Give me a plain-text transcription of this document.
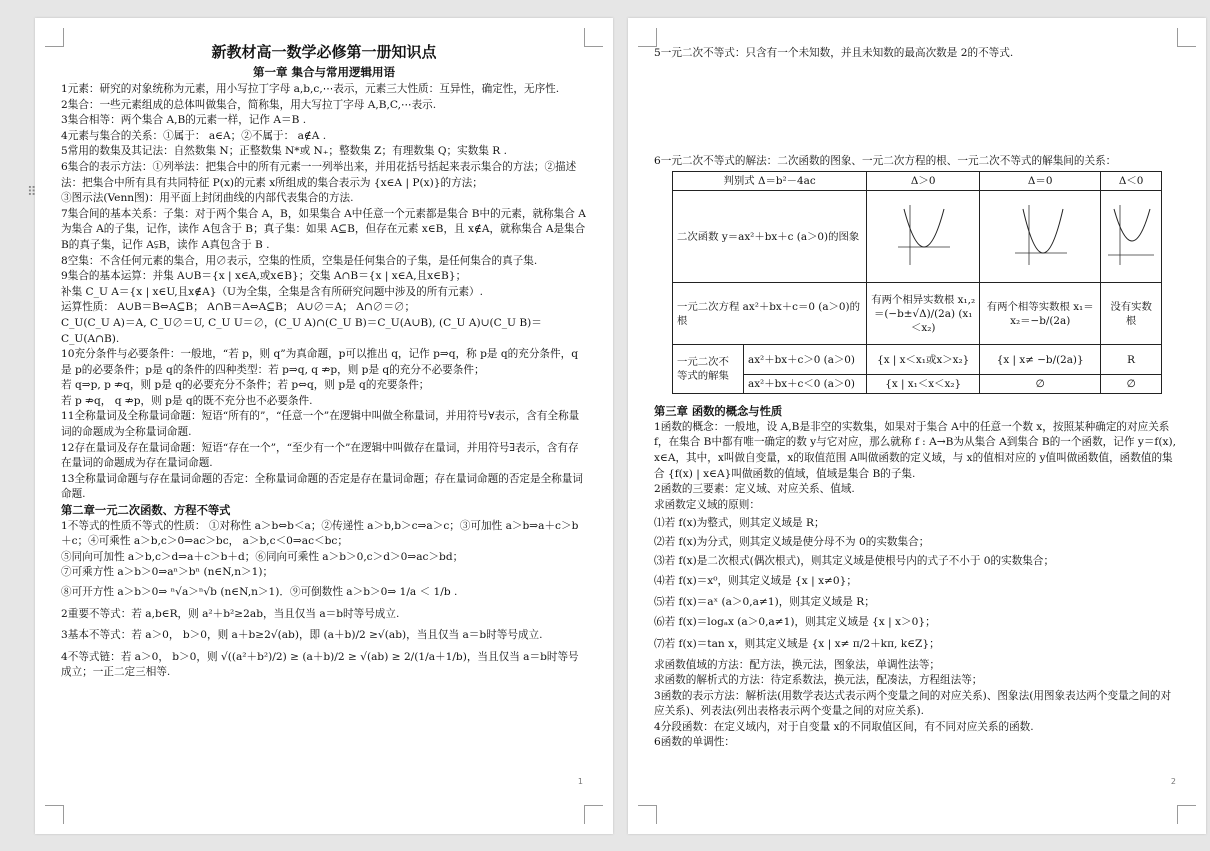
新教材高一数学必修第一册知识点

第一章 集合与常用逻辑用语

1元素：研究的对象统称为元素，用小写拉丁字母 a,b,c,⋯表示，元素三大性质：互异性，确定性，无序性.

2集合：一些元素组成的总体叫做集合，简称集，用大写拉丁字母 A,B,C,⋯表示.

3集合相等：两个集合 A,B的元素一样，记作 A＝B .

4元素与集合的关系：①属于： a∈A；②不属于： a∉A .

5常用的数集及其记法：自然数集 N；正整数集 N*或 N₊；整数集 Z；有理数集 Q；实数集 R .

6集合的表示方法：①列举法：把集合中的所有元素一一列举出来，并用花括号括起来表示集合的方法；②描述法：把集合中所有具有共同特征 P(x)的元素 x所组成的集合表示为 {x∈A | P(x)}的方法；

③图示法(Venn图)：用平面上封闭曲线的内部代表集合的方法.

7集合间的基本关系：子集：对于两个集合 A，B，如果集合 A中任意一个元素都是集合 B中的元素，就称集合 A为集合 A的子集，记作，读作 A包含于 B；真子集：如果 A⊆B，但存在元素 x∈B，且 x∉A，就称集合 A是集合 B的真子集，记作 A⫋B，读作 A真包含于 B .

8空集：不含任何元素的集合，用∅表示，空集的性质，空集是任何集合的子集，是任何集合的真子集.

9集合的基本运算：并集 A∪B＝{x | x∈A,或x∈B}；交集 A∩B＝{x | x∈A,且x∈B}；

补集 C_U A＝{x | x∈U,且x∉A}（U为全集，全集是含有所研究问题中涉及的所有元素）.

运算性质： A∪B＝B⇔A⊆B； A∩B＝A⇔A⊆B； A∪∅＝A； A∩∅＝∅；

C_U(C_U A)＝A, C_U∅＝U, C_U U＝∅，(C_U A)∩(C_U B)＝C_U(A∪B), (C_U A)∪(C_U B)＝C_U(A∩B).

10充分条件与必要条件：一般地，“若 p，则 q”为真命题，p可以推出 q，记作 p⇒q，称 p是 q的充分条件，q是 p的必要条件；p是 q的条件的四种类型：若 p⇒q, q ⇏p，则 p是 q的充分不必要条件；

若 q⇒p, p ⇏q，则 p是 q的必要充分不条件；若 p⇔q，则 p是 q的充要条件；

若 p ⇏q， q ⇏p，则 p是 q的既不充分也不必要条件.

11全称量词及全称量词命题：短语“所有的”，“任意一个”在逻辑中叫做全称量词，并用符号∀表示，含有全称量词的命题成为全称量词命题.

12存在量词及存在量词命题：短语“存在一个”，“至少有一个”在逻辑中叫做存在量词，并用符号∃表示，含有存在量词的命题成为存在量词命题.

13全称量词命题与存在量词命题的否定：全称量词命题的否定是存在量词命题；存在量词命题的否定是全称量词命题.

第二章一元二次函数、方程不等式

1不等式的性质不等式的性质： ①对称性 a＞b⇔b＜a；②传递性 a＞b,b＞c⇒a＞c；③可加性 a＞b⇒a＋c＞b＋c；④可乘性 a＞b,c＞0⇒ac＞bc， a＞b,c＜0⇒ac＜bc；

⑤同向可加性 a＞b,c＞d⇒a＋c＞b＋d；⑥同向可乘性 a＞b＞0,c＞d＞0⇒ac＞bd；

⑦可乘方性 a＞b＞0⇒aⁿ＞bⁿ (n∈N,n＞1)；

⑧可开方性 a＞b＞0⇒ ⁿ√a＞ⁿ√b (n∈N,n＞1)．⑨可倒数性 a＞b＞0⇒ 1/a ＜ 1/b .

2重要不等式：若 a,b∈R，则 a²＋b²≥2ab，当且仅当 a＝b时等号成立.

3基本不等式：若 a＞0， b＞0，则 a＋b≥2√(ab)，即 (a＋b)/2 ≥√(ab)，当且仅当 a＝b时等号成立.

4不等式链：若 a＞0， b＞0，则 √((a²＋b²)/2) ≥ (a＋b)/2 ≥ √(ab) ≥ 2/(1/a＋1/b)，当且仅当 a＝b时等号成立；一正二定三相等.

1
⠿

5一元二次不等式：只含有一个未知数，并且未知数的最高次数是 2的不等式.

6一元二次不等式的解法：二次函数的图象、一元二次方程的根、一元二次不等式的解集间的关系：

判别式 Δ＝b²－4ac		Δ＞0	Δ＝0	Δ＜0
二次函数 y＝ax²＋bx＋c (a＞0)的图象			
一元二次方程 ax²＋bx＋c＝0 (a＞0)的根		有两个相异实数根 x₁,₂＝(−b±√Δ)/(2a) (x₁＜x₂)	有两个相等实数根 x₁＝x₂＝−b/(2a)	没有实数根
一元二次不等式的解集	ax²＋bx＋c＞0 (a＞0)	{x | x＜x₁或x＞x₂}	{x | x≠ −b/(2a)}	R
	ax²＋bx＋c＜0 (a＞0)	{x | x₁＜x＜x₂}	∅	∅

第三章 函数的概念与性质

1函数的概念：一般地，设 A,B是非空的实数集，如果对于集合 A中的任意一个数 x，按照某种确定的对应关系 f，在集合 B中都有唯一确定的数 y与它对应，那么就称 f : A→B为从集合 A到集合 B的一个函数，记作 y＝f(x), x∈A，其中，x叫做自变量，x的取值范围 A叫做函数的定义域，与 x的值相对应的 y值叫做函数值，函数值的集合 {f(x) | x∈A}叫做函数的值域，值域是集合 B的子集.

2函数的三要素：定义域、对应关系、值域.

求函数定义域的原则：

⑴若 f(x)为整式，则其定义域是 R；

⑵若 f(x)为分式，则其定义域是使分母不为 0的实数集合；

⑶若 f(x)是二次根式(偶次根式)，则其定义域是使根号内的式子不小于 0的实数集合；

⑷若 f(x)＝x⁰，则其定义域是 {x | x≠0}；

⑸若 f(x)＝aˣ (a＞0,a≠1)，则其定义域是 R；

⑹若 f(x)＝logₐx (a＞0,a≠1)，则其定义域是 {x | x＞0}；

⑺若 f(x)＝tan x，则其定义域是 {x | x≠ π/2＋kπ, k∈Z}；

求函数值域的方法：配方法，换元法，图象法，单调性法等；

求函数的解析式的方法：待定系数法，换元法，配凑法，方程组法等；

3函数的表示方法：解析法(用数学表达式表示两个变量之间的对应关系)、图象法(用图象表达两个变量之间的对应关系)、列表法(列出表格表示两个变量之间的对应关系).

4分段函数：在定义域内，对于自变量 x的不同取值区间，有不同对应关系的函数.

6函数的单调性：

2
